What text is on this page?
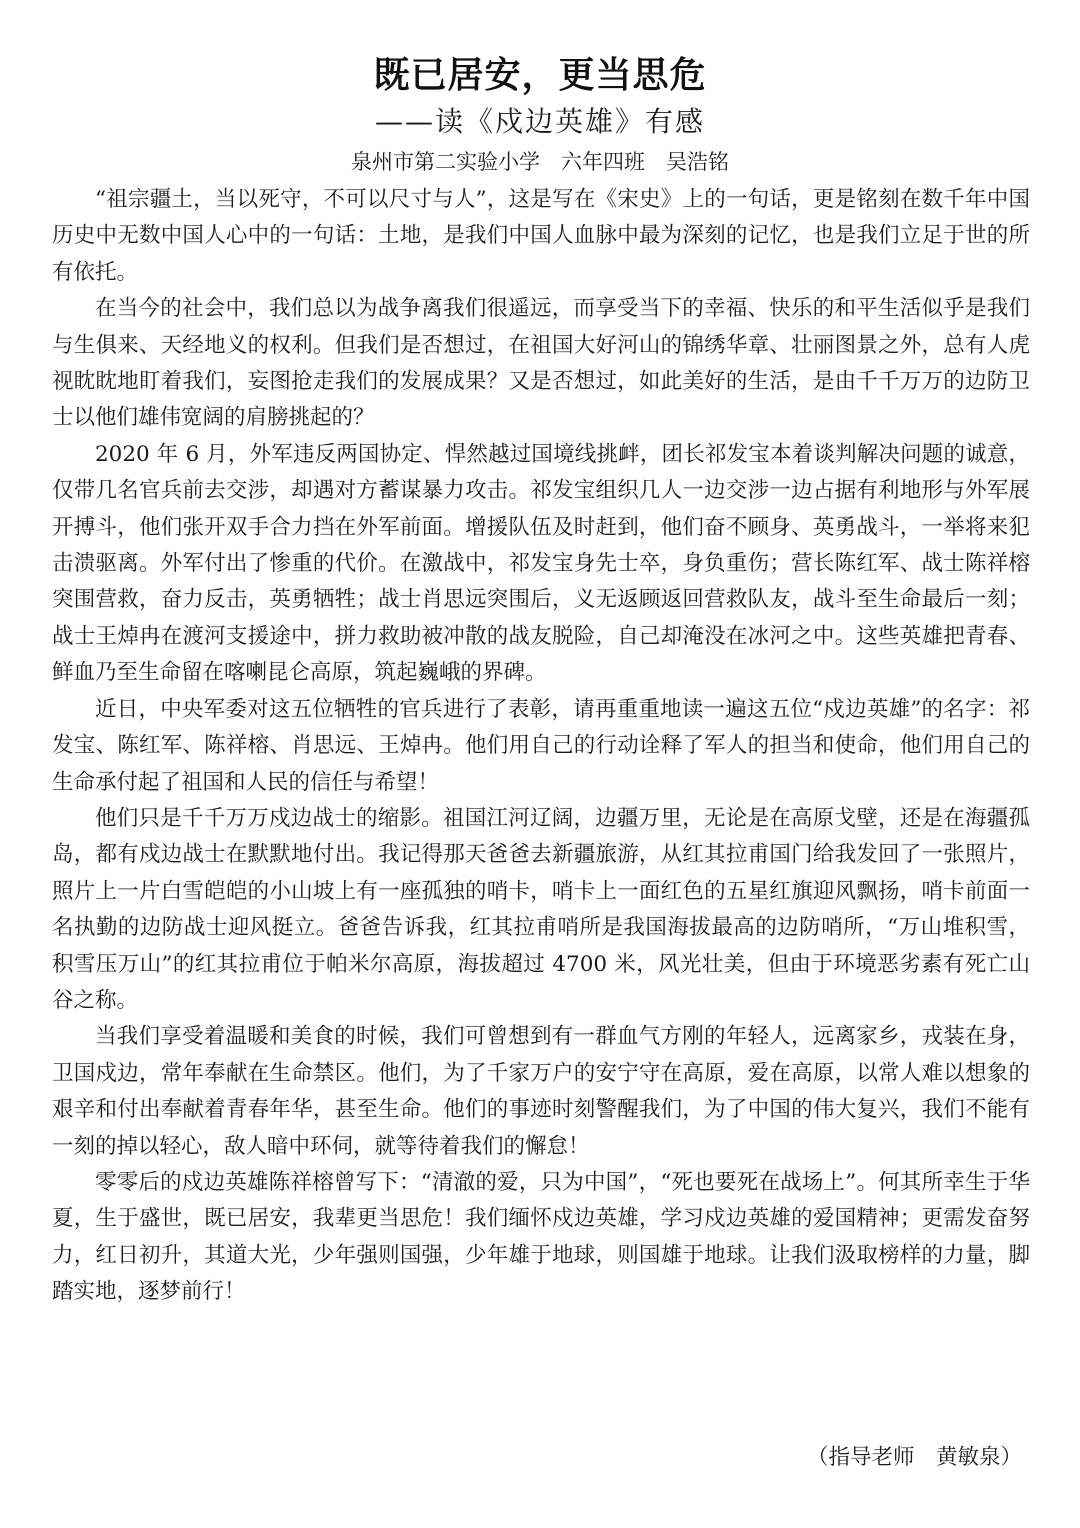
既已居安，更当思危
——读《戍边英雄》有感
泉州市第二实验小学　六年四班　吴浩铭

“祖宗疆土，当以死守，不可以尺寸与人”，这是写在《宋史》上的一句话，更是铭刻在数千年中国历史中无数中国人心中的一句话：土地，是我们中国人血脉中最为深刻的记忆，也是我们立足于世的所有依托。

在当今的社会中，我们总以为战争离我们很遥远，而享受当下的幸福、快乐的和平生活似乎是我们与生俱来、天经地义的权利。但我们是否想过，在祖国大好河山的锦绣华章、壮丽图景之外，总有人虎视眈眈地盯着我们，妄图抢走我们的发展成果？又是否想过，如此美好的生活，是由千千万万的边防卫士以他们雄伟宽阔的肩膀挑起的？

2020 年 6 月，外军违反两国协定、悍然越过国境线挑衅，团长祁发宝本着谈判解决问题的诚意，仅带几名官兵前去交涉，却遇对方蓄谋暴力攻击。祁发宝组织几人一边交涉一边占据有利地形与外军展开搏斗，他们张开双手合力挡在外军前面。增援队伍及时赶到，他们奋不顾身、英勇战斗，一举将来犯击溃驱离。外军付出了惨重的代价。在激战中，祁发宝身先士卒，身负重伤；营长陈红军、战士陈祥榕突围营救，奋力反击，英勇牺牲；战士肖思远突围后，义无返顾返回营救队友，战斗至生命最后一刻；战士王焯冉在渡河支援途中，拼力救助被冲散的战友脱险，自己却淹没在冰河之中。这些英雄把青春、鲜血乃至生命留在喀喇昆仑高原，筑起巍峨的界碑。

近日，中央军委对这五位牺牲的官兵进行了表彰，请再重重地读一遍这五位“戍边英雄”的名字：祁发宝、陈红军、陈祥榕、肖思远、王焯冉。他们用自己的行动诠释了军人的担当和使命，他们用自己的生命承付起了祖国和人民的信任与希望！

他们只是千千万万戍边战士的缩影。祖国江河辽阔，边疆万里，无论是在高原戈壁，还是在海疆孤岛，都有戍边战士在默默地付出。我记得那天爸爸去新疆旅游，从红其拉甫国门给我发回了一张照片，照片上一片白雪皑皑的小山坡上有一座孤独的哨卡，哨卡上一面红色的五星红旗迎风飘扬，哨卡前面一名执勤的边防战士迎风挺立。爸爸告诉我，红其拉甫哨所是我国海拔最高的边防哨所，“万山堆积雪，积雪压万山”的红其拉甫位于帕米尔高原，海拔超过 4700 米，风光壮美，但由于环境恶劣素有死亡山谷之称。

当我们享受着温暖和美食的时候，我们可曾想到有一群血气方刚的年轻人，远离家乡，戎装在身，卫国戍边，常年奉献在生命禁区。他们，为了千家万户的安宁守在高原，爱在高原，以常人难以想象的艰辛和付出奉献着青春年华，甚至生命。他们的事迹时刻警醒我们，为了中国的伟大复兴，我们不能有一刻的掉以轻心，敌人暗中环伺，就等待着我们的懈怠！

零零后的戍边英雄陈祥榕曾写下：“清澈的爱，只为中国”，“死也要死在战场上”。何其所幸生于华夏，生于盛世，既已居安，我辈更当思危！我们缅怀戍边英雄，学习戍边英雄的爱国精神；更需发奋努力，红日初升，其道大光，少年强则国强，少年雄于地球，则国雄于地球。让我们汲取榜样的力量，脚踏实地，逐梦前行！

（指导老师　黄敏泉）
